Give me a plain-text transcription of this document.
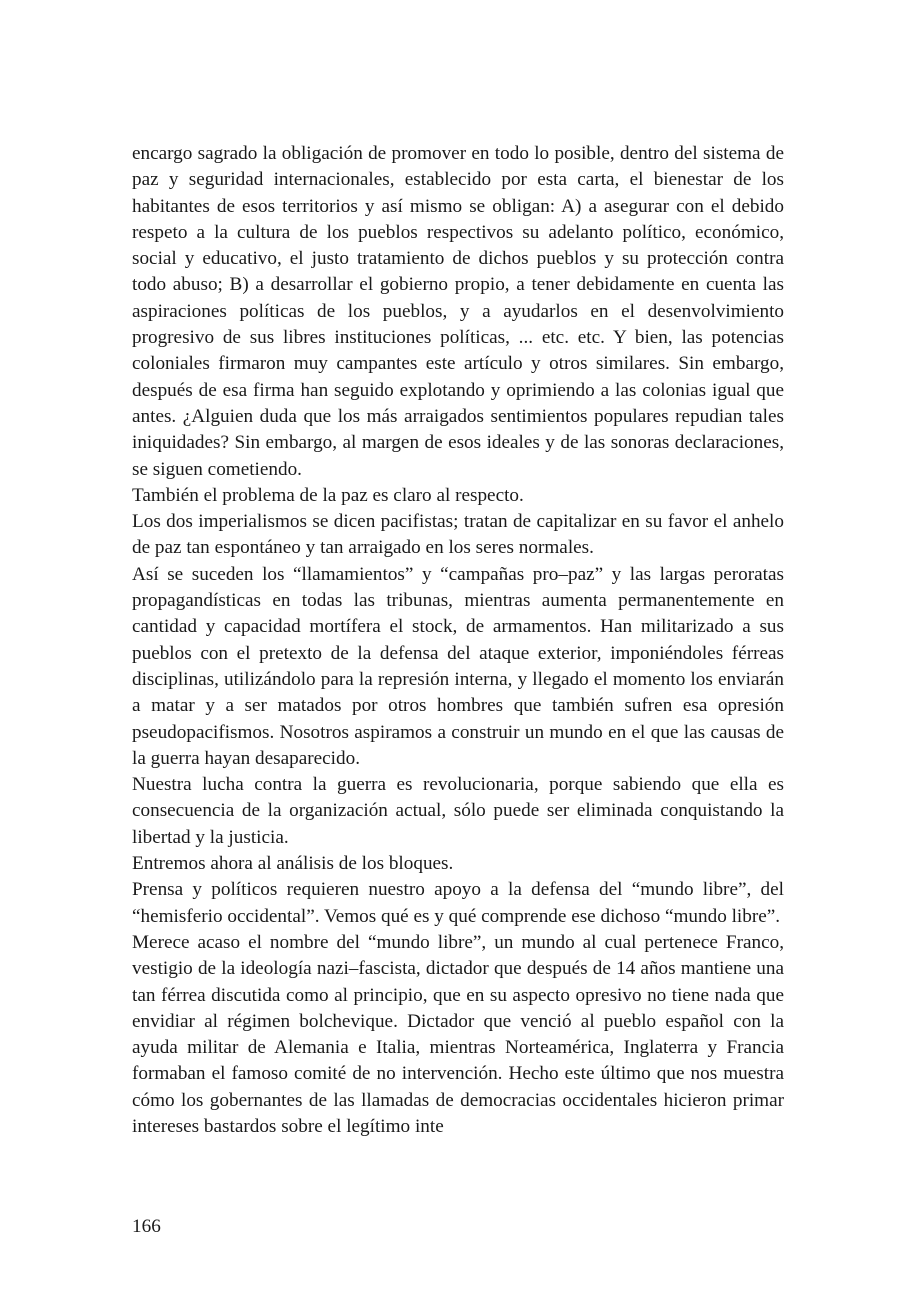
encargo sagrado la obligación de promover en todo lo posible, dentro del sistema de paz y seguridad internacionales, establecido por esta carta, el bienestar de los habitantes de esos territorios y así mismo se obligan: A) a asegurar con el debido respeto a la cultura de los pueblos respectivos su adelanto político, económico, social y educativo, el justo tratamiento de dichos pueblos y su protección contra todo abuso; B) a desarrollar el gobierno propio, a tener debidamente en cuenta las aspiraciones políticas de los pueblos, y a ayudarlos en el desenvolvimiento progresivo de sus libres instituciones políticas, ... etc. etc. Y bien, las potencias coloniales firmaron muy campantes este artículo y otros similares. Sin embargo, después de esa firma han seguido explotando y oprimiendo a las colonias igual que antes. ¿Alguien duda que los más arraigados sentimientos populares repudian tales iniquidades? Sin embargo, al margen de esos ideales y de las sonoras declaraciones, se siguen cometiendo.

También el problema de la paz es claro al respecto.

Los dos imperialismos se dicen pacifistas; tratan de capitalizar en su favor el anhelo de paz tan espontáneo y tan arraigado en los seres normales.

Así se suceden los “llamamientos” y “campañas pro–paz” y las largas peroratas propagandísticas en todas las tribunas, mientras aumenta permanentemente en cantidad y capacidad mortífera el stock, de armamentos. Han militarizado a sus pueblos con el pretexto de la defensa del ataque exterior, imponiéndoles férreas disciplinas, utilizándolo para la represión interna, y llegado el momento los enviarán a matar y a ser matados por otros hombres que también sufren esa opresión pseudopacifismos. Nosotros aspiramos a construir un mundo en el que las causas de la guerra hayan desaparecido.

Nuestra lucha contra la guerra es revolucionaria, porque sabiendo que ella es consecuencia de la organización actual, sólo puede ser eliminada conquistando la libertad y la justicia.

Entremos ahora al análisis de los bloques.

Prensa y políticos requieren nuestro apoyo a la defensa del “mundo libre”, del “hemisferio occidental”. Vemos qué es y qué comprende ese dichoso “mundo libre”.

Merece acaso el nombre del “mundo libre”, un mundo al cual pertenece Franco, vestigio de la ideología nazi–fascista, dictador que después de 14 años mantiene una tan férrea discutida como al principio, que en su aspecto opresivo no tiene nada que envidiar al régimen bolchevique. Dictador que venció al pueblo español con la ayuda militar de Alemania e Italia, mientras Norteamérica, Inglaterra y Francia formaban el famoso comité de no intervención. Hecho este último que nos muestra cómo los gobernantes de las llamadas de democracias occidentales hicieron primar intereses bastardos sobre el legítimo inte

166
